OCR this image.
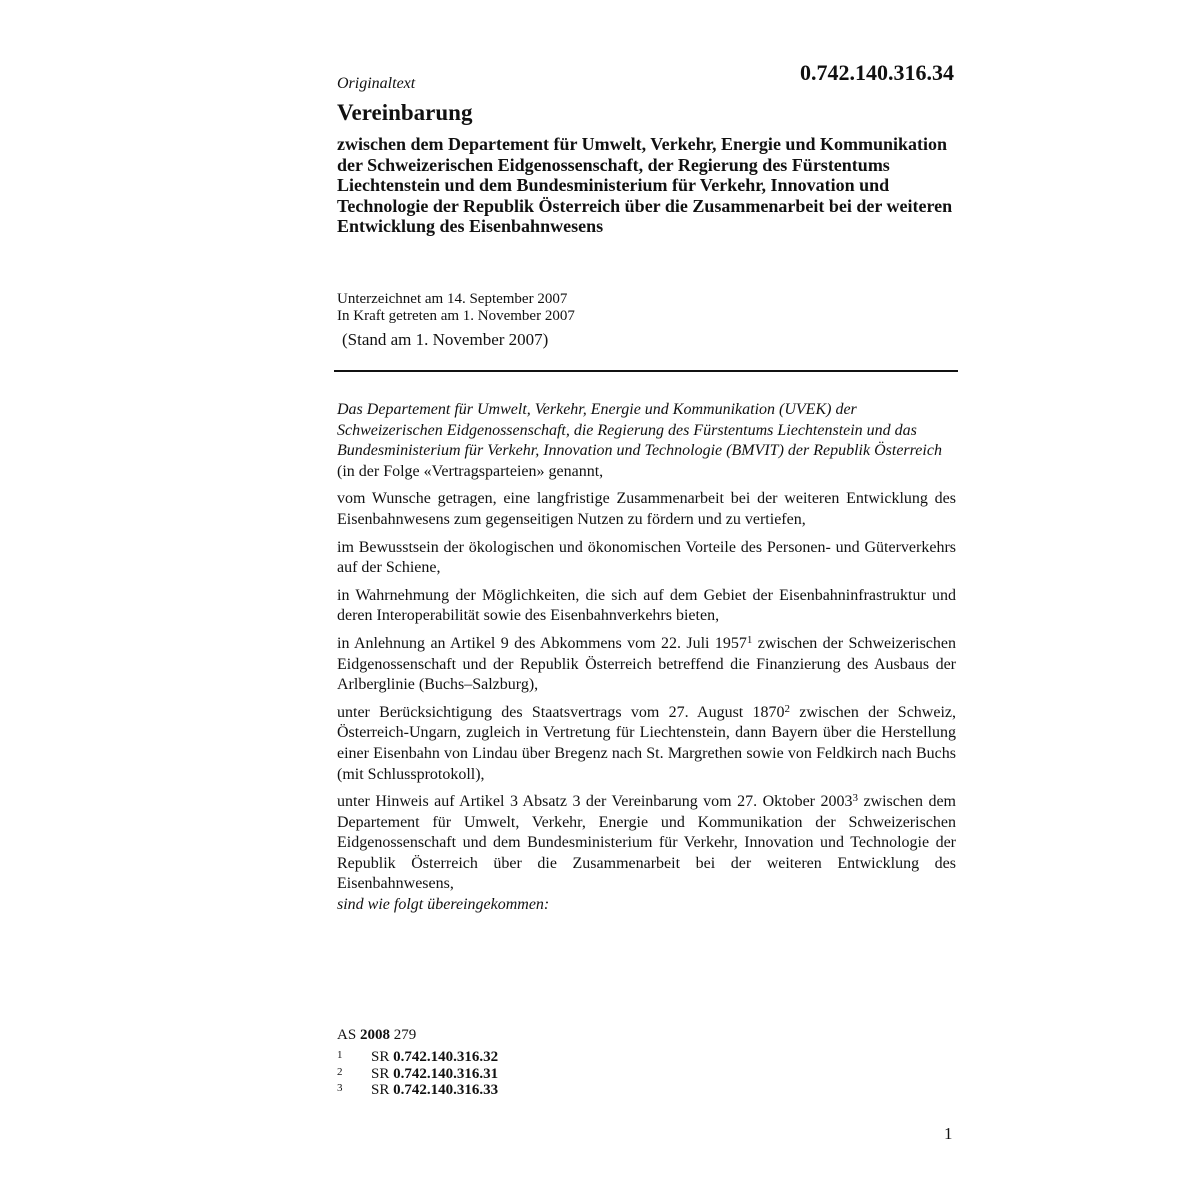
0.742.140.316.34
Originaltext
Vereinbarung
zwischen dem Departement für Umwelt, Verkehr, Energie und Kommunikation der Schweizerischen Eidgenossenschaft, der Regierung des Fürstentums Liechtenstein und dem Bundesministerium für Verkehr, Innovation und Technologie der Republik Österreich über die Zusammenarbeit bei der weiteren Entwicklung des Eisenbahnwesens
Unterzeichnet am 14. September 2007
In Kraft getreten am 1. November 2007
(Stand am 1. November 2007)

Das Departement für Umwelt, Verkehr, Energie und Kommunikation (UVEK) der Schweizerischen Eidgenossenschaft, die Regierung des Fürstentums Liechtenstein und das Bundesministerium für Verkehr, Innovation und Technologie (BMVIT) der Republik Österreich

(in der Folge «Vertragsparteien» genannt,

vom Wunsche getragen, eine langfristige Zusammenarbeit bei der weiteren Entwicklung des Eisenbahnwesens zum gegenseitigen Nutzen zu fördern und zu vertiefen,

im Bewusstsein der ökologischen und ökonomischen Vorteile des Personen- und Güterverkehrs auf der Schiene,

in Wahrnehmung der Möglichkeiten, die sich auf dem Gebiet der Eisenbahninfrastruktur und deren Interoperabilität sowie des Eisenbahnverkehrs bieten,

in Anlehnung an Artikel 9 des Abkommens vom 22. Juli 1957$^1$ zwischen der Schweizerischen Eidgenossenschaft und der Republik Österreich betreffend die Finanzierung des Ausbaus der Arlberglinie (Buchs–Salzburg),

unter Berücksichtigung des Staatsvertrags vom 27. August 1870$^2$ zwischen der Schweiz, Österreich-Ungarn, zugleich in Vertretung für Liechtenstein, dann Bayern über die Herstellung einer Eisenbahn von Lindau über Bregenz nach St. Margrethen sowie von Feldkirch nach Buchs (mit Schlussprotokoll),

unter Hinweis auf Artikel 3 Absatz 3 der Vereinbarung vom 27. Oktober 2003$^3$ zwischen dem Departement für Umwelt, Verkehr, Energie und Kommunikation der Schweizerischen Eidgenossenschaft und dem Bundesministerium für Verkehr, Innovation und Technologie der Republik Österreich über die Zusammenarbeit bei der weiteren Entwicklung des Eisenbahnwesens,

sind wie folgt übereingekommen:

AS 2008 279
1 SR 0.742.140.316.32
2 SR 0.742.140.316.31
3 SR 0.742.140.316.33
1
